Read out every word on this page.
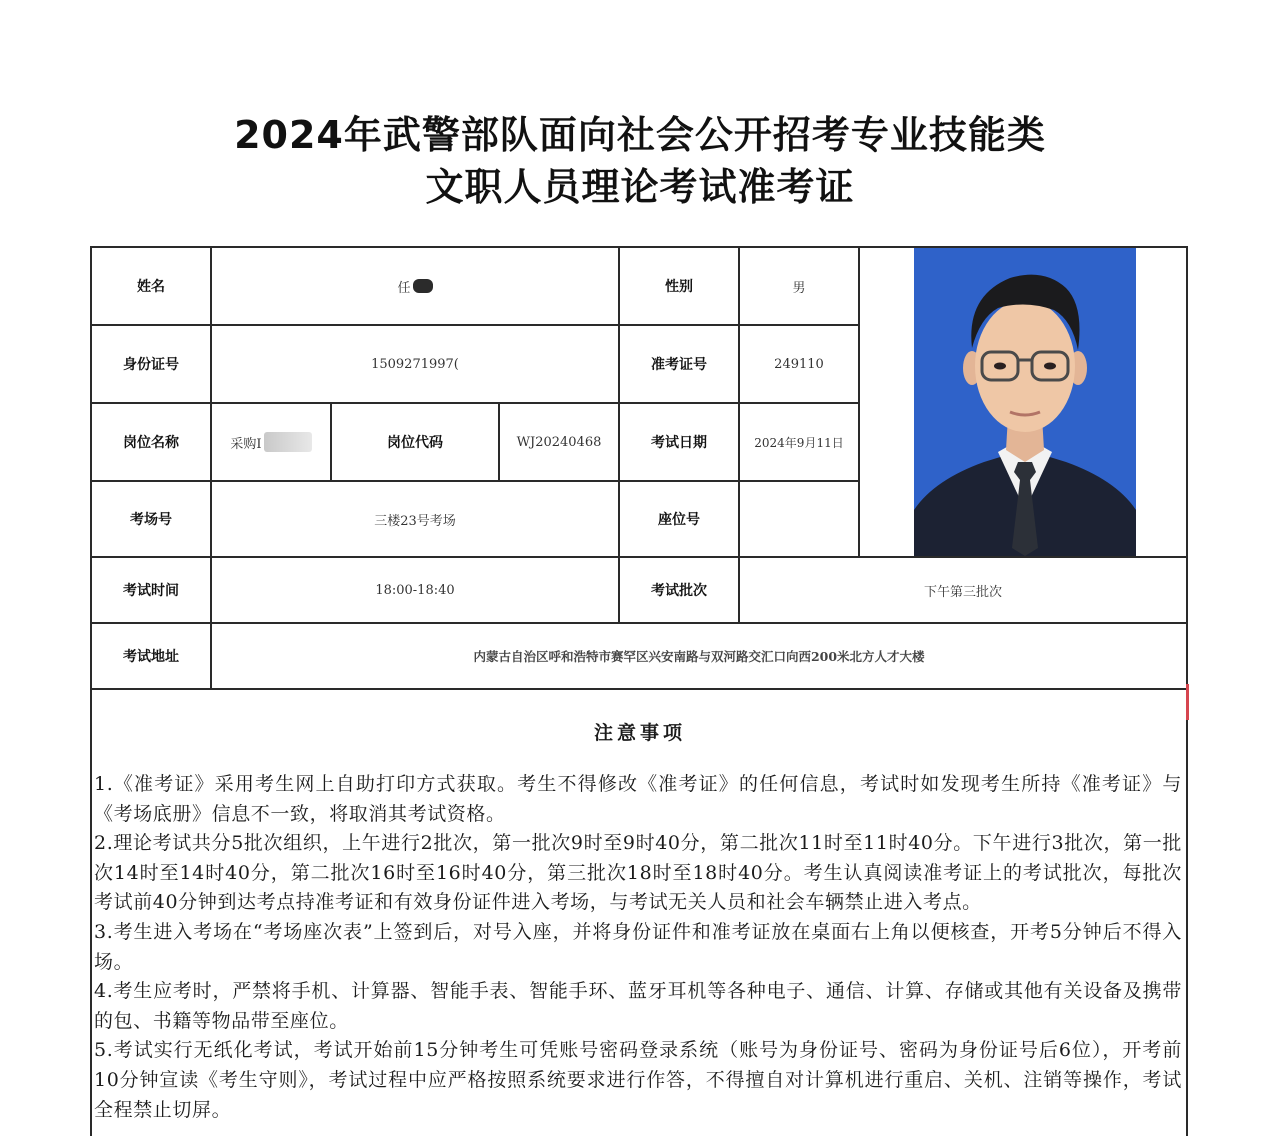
2024年武警部队面向社会公开招考专业技能类
文职人员理论考试准考证
姓名	任	性别	男
身份证号	1509271997(	准考证号	249110
岗位名称	采购I	岗位代码	WJ20240468	考试日期	2024年9月11日
考场号	三楼23号考场	座位号
考试时间	18:00-18:40	考试批次	下午第三批次
考试地址	内蒙古自治区呼和浩特市赛罕区兴安南路与双河路交汇口向西200米北方人才大楼
注意事项

1.《准考证》采用考生网上自助打印方式获取。考生不得修改《准考证》的任何信息，考试时如发现考生所持《准考证》与《考场底册》信息不一致，将取消其考试资格。

2.理论考试共分5批次组织，上午进行2批次，第一批次9时至9时40分，第二批次11时至11时40分。下午进行3批次，第一批次14时至14时40分，第二批次16时至16时40分，第三批次18时至18时40分。考生认真阅读准考证上的考试批次，每批次考试前40分钟到达考点持准考证和有效身份证件进入考场，与考试无关人员和社会车辆禁止进入考点。

3.考生进入考场在“考场座次表”上签到后，对号入座，并将身份证件和准考证放在桌面右上角以便核查，开考5分钟后不得入场。

4.考生应考时，严禁将手机、计算器、智能手表、智能手环、蓝牙耳机等各种电子、通信、计算、存储或其他有关设备及携带的包、书籍等物品带至座位。

5.考试实行无纸化考试，考试开始前15分钟考生可凭账号密码登录系统（账号为身份证号、密码为身份证号后6位），开考前10分钟宣读《考生守则》，考试过程中应严格按照系统要求进行作答，不得擅自对计算机进行重启、关机、注销等操作，考试全程禁止切屏。
